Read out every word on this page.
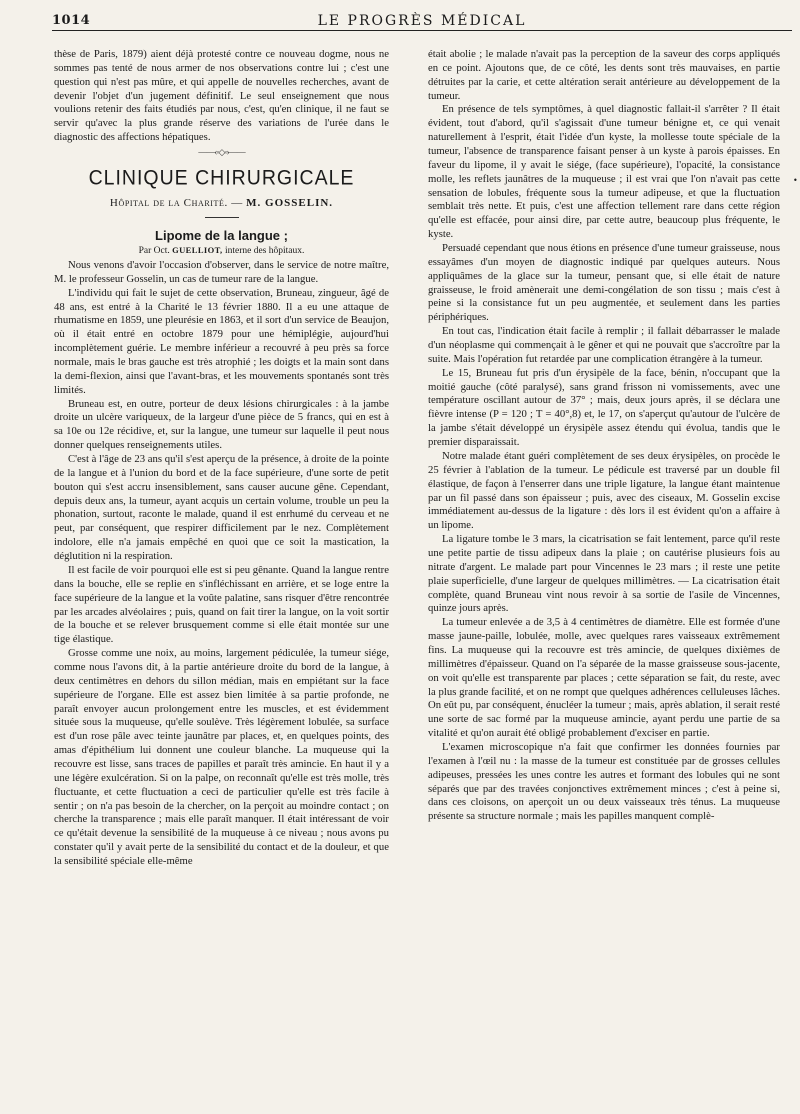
1014	LE PROGRÈS MÉDICAL

thèse de Paris, 1879) aient déjà protesté contre ce nouveau dogme, nous ne sommes pas tenté de nous armer de nos observations contre lui ; c'est une question qui n'est pas mûre, et qui appelle de nouvelles recherches, avant de devenir l'objet d'un jugement définitif. Le seul enseignement que nous voulions retenir des faits étudiés par nous, c'est, qu'en clinique, il ne faut se servir qu'avec la plus grande réserve des variations de l'urée dans le diagnostic des affections hépatiques.

——‹◦◇◦›——
CLINIQUE CHIRURGICALE
Hôpital de la Charité. — M. GOSSELIN.
Lipome de la langue ;
Par Oct. GUELLIOT, interne des hôpitaux.

Nous venons d'avoir l'occasion d'observer, dans le service de notre maître, M. le professeur Gosselin, un cas de tumeur rare de la langue.

L'individu qui fait le sujet de cette observation, Bruneau, zingueur, âgé de 48 ans, est entré à la Charité le 13 février 1880. Il a eu une attaque de rhumatisme en 1859, une pleurésie en 1863, et il sort d'un service de Beaujon, où il était entré en octobre 1879 pour une hémiplégie, aujourd'hui incomplètement guérie. Le membre inférieur a recouvré à peu près sa force normale, mais le bras gauche est très atrophié ; les doigts et la main sont dans la demi-flexion, ainsi que l'avant-bras, et les mouvements spontanés sont très limités.

Bruneau est, en outre, porteur de deux lésions chirurgicales : à la jambe droite un ulcère variqueux, de la largeur d'une pièce de 5 francs, qui en est à sa 10e ou 12e récidive, et, sur la langue, une tumeur sur laquelle il peut nous donner quelques renseignements utiles.

C'est à l'âge de 23 ans qu'il s'est aperçu de la présence, à droite de la pointe de la langue et à l'union du bord et de la face supérieure, d'une sorte de petit bouton qui s'est accru insensiblement, sans causer aucune gêne. Cependant, depuis deux ans, la tumeur, ayant acquis un certain volume, trouble un peu la phonation, surtout, raconte le malade, quand il est enrhumé du cerveau et ne peut, par conséquent, que respirer difficilement par le nez. Complètement indolore, elle n'a jamais empêché en quoi que ce soit la mastication, la déglutition ni la respiration.

Il est facile de voir pourquoi elle est si peu gênante. Quand la langue rentre dans la bouche, elle se replie en s'infléchissant en arrière, et se loge entre la face supérieure de la langue et la voûte palatine, sans risquer d'être rencontrée par les arcades alvéolaires ; puis, quand on fait tirer la langue, on la voit sortir de la bouche et se relever brusquement comme si elle était montée sur une tige élastique.

Grosse comme une noix, au moins, largement pédiculée, la tumeur siége, comme nous l'avons dit, à la partie antérieure droite du bord de la langue, à deux centimètres en dehors du sillon médian, mais en empiétant sur la face supérieure de l'organe. Elle est assez bien limitée à sa partie profonde, ne paraît envoyer aucun prolongement entre les muscles, et est évidemment située sous la muqueuse, qu'elle soulève. Très légèrement lobulée, sa surface est d'un rose pâle avec teinte jaunâtre par places, et, en quelques points, des amas d'épithélium lui donnent une couleur blanche. La muqueuse qui la recouvre est lisse, sans traces de papilles et paraît très amincie. En haut il y a une légère exulcération. Si on la palpe, on reconnaît qu'elle est très molle, très fluctuante, et cette fluctuation a ceci de particulier qu'elle est très facile à sentir ; on n'a pas besoin de la chercher, on la perçoit au moindre contact ; on cherche la transparence ; mais elle paraît manquer. Il était intéressant de voir ce qu'était devenue la sensibilité de la muqueuse à ce niveau ; nous avons pu constater qu'il y avait perte de la sensibilité du contact et de la douleur, et que la sensibilité spéciale elle-même

était abolie ; le malade n'avait pas la perception de la saveur des corps appliqués en ce point. Ajoutons que, de ce côté, les dents sont très mauvaises, en partie détruites par la carie, et cette altération serait antérieure au développement de la tumeur.

En présence de tels symptômes, à quel diagnostic fallait-il s'arrêter ? Il était évident, tout d'abord, qu'il s'agissait d'une tumeur bénigne et, ce qui venait naturellement à l'esprit, était l'idée d'un kyste, la mollesse toute spéciale de la tumeur, l'absence de transparence faisant penser à un kyste à parois épaisses. En faveur du lipome, il y avait le siége, (face supérieure), l'opacité, la consistance molle, les reflets jaunâtres de la muqueuse ; il est vrai que l'on n'avait pas cette sensation de lobules, fréquente sous la tumeur adipeuse, et que la fluctuation semblait très nette. Et puis, c'est une affection tellement rare dans cette région qu'elle est effacée, pour ainsi dire, par cette autre, beaucoup plus fréquente, le kyste.

Persuadé cependant que nous étions en présence d'une tumeur graisseuse, nous essayâmes d'un moyen de diagnostic indiqué par quelques auteurs. Nous appliquâmes de la glace sur la tumeur, pensant que, si elle était de nature graisseuse, le froid amènerait une demi-congélation de son tissu ; mais c'est à peine si la consistance fut un peu augmentée, et seulement dans les parties périphériques.

En tout cas, l'indication était facile à remplir ; il fallait débarrasser le malade d'un néoplasme qui commençait à le gêner et qui ne pouvait que s'accroître par la suite. Mais l'opération fut retardée par une complication étrangère à la tumeur.

Le 15, Bruneau fut pris d'un érysipèle de la face, bénin, n'occupant que la moitié gauche (côté paralysé), sans grand frisson ni vomissements, avec une température oscillant autour de 37° ; mais, deux jours après, il se déclara une fièvre intense (P = 120 ; T = 40°,8) et, le 17, on s'aperçut qu'autour de l'ulcère de la jambe s'était développé un érysipèle assez étendu qui évolua, tandis que le premier disparaissait.

Notre malade étant guéri complètement de ses deux érysipèles, on procède le 25 février à l'ablation de la tumeur. Le pédicule est traversé par un double fil élastique, de façon à l'enserrer dans une triple ligature, la langue étant maintenue par un fil passé dans son épaisseur ; puis, avec des ciseaux, M. Gosselin excise immédiatement au-dessus de la ligature : dès lors il est évident qu'on a affaire à un lipome.

La ligature tombe le 3 mars, la cicatrisation se fait lentement, parce qu'il reste une petite partie de tissu adipeux dans la plaie ; on cautérise plusieurs fois au nitrate d'argent. Le malade part pour Vincennes le 23 mars ; il reste une petite plaie superficielle, d'une largeur de quelques millimètres. — La cicatrisation était complète, quand Bruneau vint nous revoir à sa sortie de l'asile de Vincennes, quinze jours après.

La tumeur enlevée a de 3,5 à 4 centimètres de diamètre. Elle est formée d'une masse jaune-paille, lobulée, molle, avec quelques rares vaisseaux extrêmement fins. La muqueuse qui la recouvre est très amincie, de quelques dixièmes de millimètres d'épaisseur. Quand on l'a séparée de la masse graisseuse sous-jacente, on voit qu'elle est transparente par places ; cette séparation se fait, du reste, avec la plus grande facilité, et on ne rompt que quelques adhérences celluleuses lâches. On eût pu, par conséquent, énucléer la tumeur ; mais, après ablation, il serait resté une sorte de sac formé par la muqueuse amincie, ayant perdu une partie de sa vitalité et qu'on aurait été obligé probablement d'exciser en partie.

L'examen microscopique n'a fait que confirmer les données fournies par l'examen à l'œil nu : la masse de la tumeur est constituée par de grosses cellules adipeuses, pressées les unes contre les autres et formant des lobules qui ne sont séparés que par des travées conjonctives extrêmement minces ; c'est à peine si, dans ces cloisons, on aperçoit un ou deux vaisseaux très ténus. La muqueuse présente sa structure normale ; mais les papilles manquent complè-

•
